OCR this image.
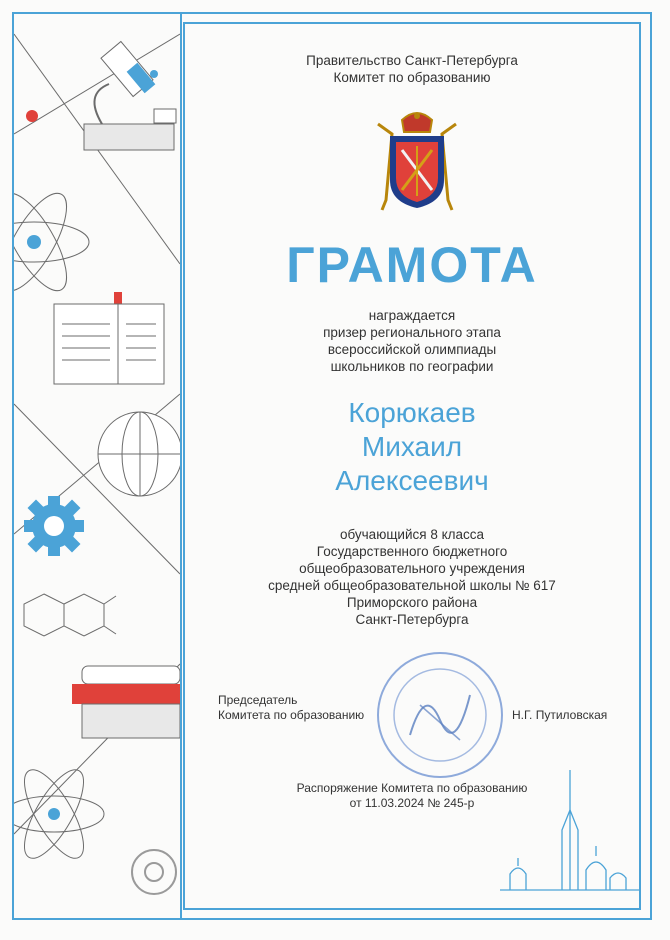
Правительство Санкт-Петербурга
Комитет по образованию
ГРАМОТА
награждается
призер регионального этапа
всероссийской олимпиады
школьников по географии
Корюкаев
Михаил
Алексеевич
обучающийся 8 класса
Государственного бюджетного
общеобразовательного учреждения
средней общеобразовательной школы № 617
Приморского района
Санкт-Петербурга
Председатель
Комитета по образованию	Н.Г. Путиловская
Распоряжение Комитета по образованию
от 11.03.2024 № 245-р
